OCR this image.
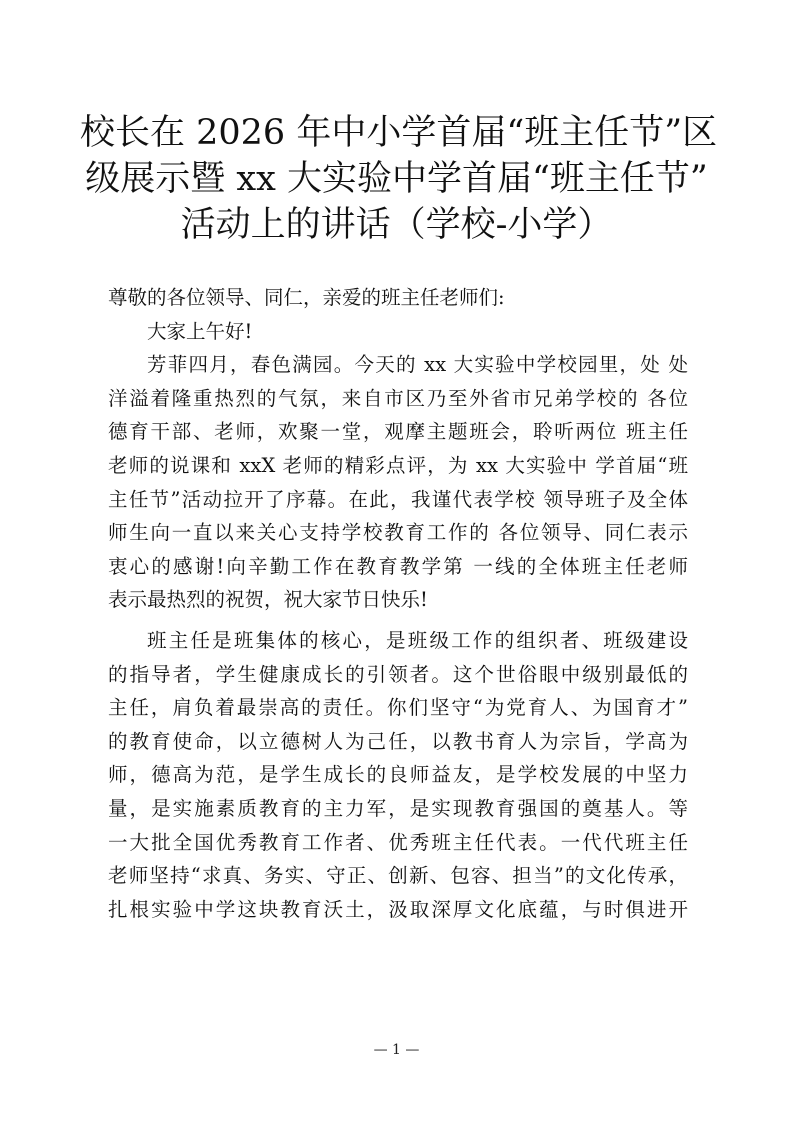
校长在 2026 年中小学首届“班主任节”区
级展示暨 xx 大实验中学首届“班主任节”
活动上的讲话（学校-小学）
尊敬的各位领导、同仁，亲爱的班主任老师们:
大家上午好!
芳菲四月，春色满园。今天的 xx 大实验中学校园里，处 处
洋溢着隆重热烈的气氛，来自市区乃至外省市兄弟学校的 各位
德育干部、老师，欢聚一堂，观摩主题班会，聆听两位 班主任
老师的说课和 xxX 老师的精彩点评，为 xx 大实验中 学首届“班
主任节”活动拉开了序幕。在此，我谨代表学校 领导班子及全体
师生向一直以来关心支持学校教育工作的 各位领导、同仁表示
衷心的感谢!向辛勤工作在教育教学第 一线的全体班主任老师
表示最热烈的祝贺，祝大家节日快乐!
班主任是班集体的核心，是班级工作的组织者、班级建设
的指导者，学生健康成长的引领者。这个世俗眼中级别最低的
主任，肩负着最崇高的责任。你们坚守“为党育人、为国育才”
的教育使命，以立德树人为己任，以教书育人为宗旨，学高为
师，德高为范，是学生成长的良师益友，是学校发展的中坚力
量，是实施素质教育的主力军，是实现教育强国的奠基人。等
一大批全国优秀教育工作者、优秀班主任代表。一代代班主任
老师坚持“求真、务实、守正、创新、包容、担当”的文化传承，
扎根实验中学这块教育沃土，汲取深厚文化底蕴，与时俱进开
— 1 —
